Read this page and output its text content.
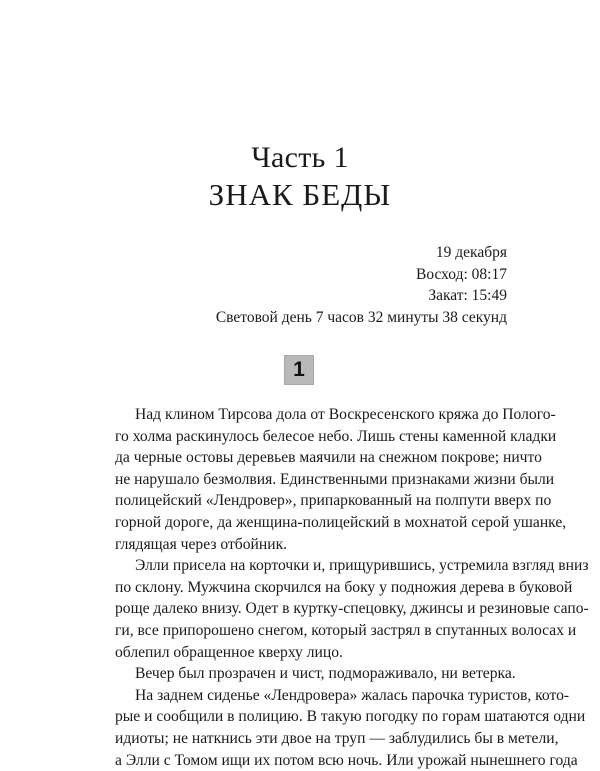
Часть 1
ЗНАК БЕДЫ
19 декабря
Восход: 08:17
Закат: 15:49
Световой день 7 часов 32 минуты 38 секунд
1
Над клином Тирсова дола от Воскресенского кряжа до Полого-
го холма раскинулось белесое небо. Лишь стены каменной кладки
да черные остовы деревьев маячили на снежном покрове; ничто
не нарушало безмолвия. Единственными признаками жизни были
полицейский «Лендровер», припаркованный на полпути вверх по
горной дороге, да женщина-полицейский в мохнатой серой ушанке,
глядящая через отбойник.
Элли присела на корточки и, прищурившись, устремила взгляд вниз
по склону. Мужчина скорчился на боку у подножия дерева в буковой
роще далеко внизу. Одет в куртку-спецовку, джинсы и резиновые сапо-
ги, все припорошено снегом, который застрял в спутанных волосах и
облепил обращенное кверху лицо.
Вечер был прозрачен и чист, подмораживало, ни ветерка.
На заднем сиденье «Лендровера» жалась парочка туристов, кото-
рые и сообщили в полицию. В такую погодку по горам шатаются одни
идиоты; не наткнись эти двое на труп — заблудились бы в метели,
а Элли с Томом ищи их потом всю ночь. Или урожай нынешнего года
